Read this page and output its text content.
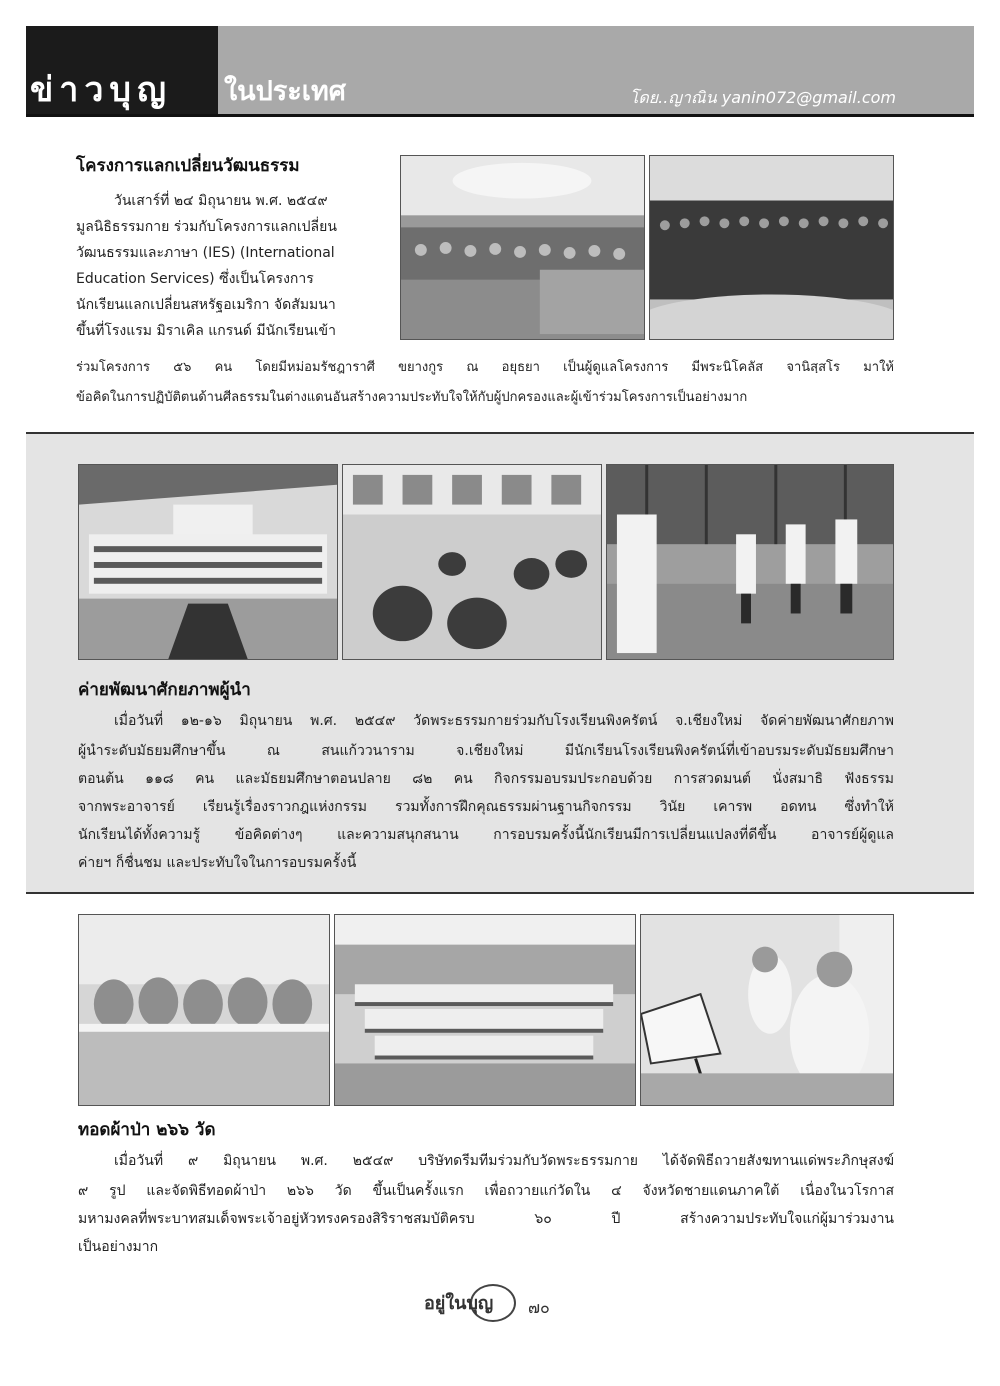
ข่าวบุญ	ในประเทศ	โดย..ญาณิน yanin072@gmail.com
โครงการแลกเปลี่ยนวัฒนธรรม
วันเสาร์ที่ ๒๔ มิถุนายน พ.ศ. ๒๕๔๙
มูลนิธิธรรมกาย ร่วมกับโครงการแลกเปลี่ยน
วัฒนธรรมและภาษา (IES) (International
Education Services) ซึ่งเป็นโครงการ
นักเรียนแลกเปลี่ยนสหรัฐอเมริกา จัดสัมมนา
ขึ้นที่โรงแรม มิราเคิล แกรนด์ มีนักเรียนเข้า
ร่วมโครงการ ๕๖ คน โดยมีหม่อมรัชฎาราศี ขยางกูร ณ อยุธยา เป็นผู้ดูแลโครงการ มีพระนิโคลัส จานิสฺสโร มาให้
ข้อคิดในการปฏิบัติตนด้านศีลธรรมในต่างแดนอันสร้างความประทับใจให้กับผู้ปกครองและผู้เข้าร่วมโครงการเป็นอย่างมาก
ค่ายพัฒนาศักยภาพผู้นำ
เมื่อวันที่ ๑๒-๑๖ มิถุนายน พ.ศ. ๒๕๔๙ วัดพระธรรมกายร่วมกับโรงเรียนพิงครัตน์ จ.เชียงใหม่ จัดค่ายพัฒนาศักยภาพ
ผู้นำระดับมัธยมศึกษาขึ้น ณ สนแก้ววนาราม จ.เชียงใหม่ มีนักเรียนโรงเรียนพิงครัตน์ที่เข้าอบรมระดับมัธยมศึกษา
ตอนต้น ๑๑๘ คน และมัธยมศึกษาตอนปลาย ๘๒ คน กิจกรรมอบรมประกอบด้วย การสวดมนต์ นั่งสมาธิ ฟังธรรม
จากพระอาจารย์ เรียนรู้เรื่องราวกฎแห่งกรรม รวมทั้งการฝึกคุณธรรมผ่านฐานกิจกรรม วินัย เคารพ อดทน ซึ่งทำให้
นักเรียนได้ทั้งความรู้ ข้อคิดต่างๆ และความสนุกสนาน การอบรมครั้งนี้นักเรียนมีการเปลี่ยนแปลงที่ดีขึ้น อาจารย์ผู้ดูแล
ค่ายฯ ก็ชื่นชม และประทับใจในการอบรมครั้งนี้
ทอดผ้าป่า ๒๖๖ วัด
เมื่อวันที่ ๙ มิถุนายน พ.ศ. ๒๕๔๙ บริษัทดรีมทีมร่วมกับวัดพระธรรมกาย ได้จัดพิธีถวายสังฆทานแด่พระภิกษุสงฆ์
๙ รูป และจัดพิธีทอดผ้าป่า ๒๖๖ วัด ขึ้นเป็นครั้งแรก เพื่อถวายแก่วัดใน ๔ จังหวัดชายแดนภาคใต้ เนื่องในวโรกาส
มหามงคลที่พระบาทสมเด็จพระเจ้าอยู่หัวทรงครองสิริราชสมบัติครบ ๖๐ ปี สร้างความประทับใจแก่ผู้มาร่วมงาน
เป็นอย่างมาก
อยู่ในบุญ ๗๐
